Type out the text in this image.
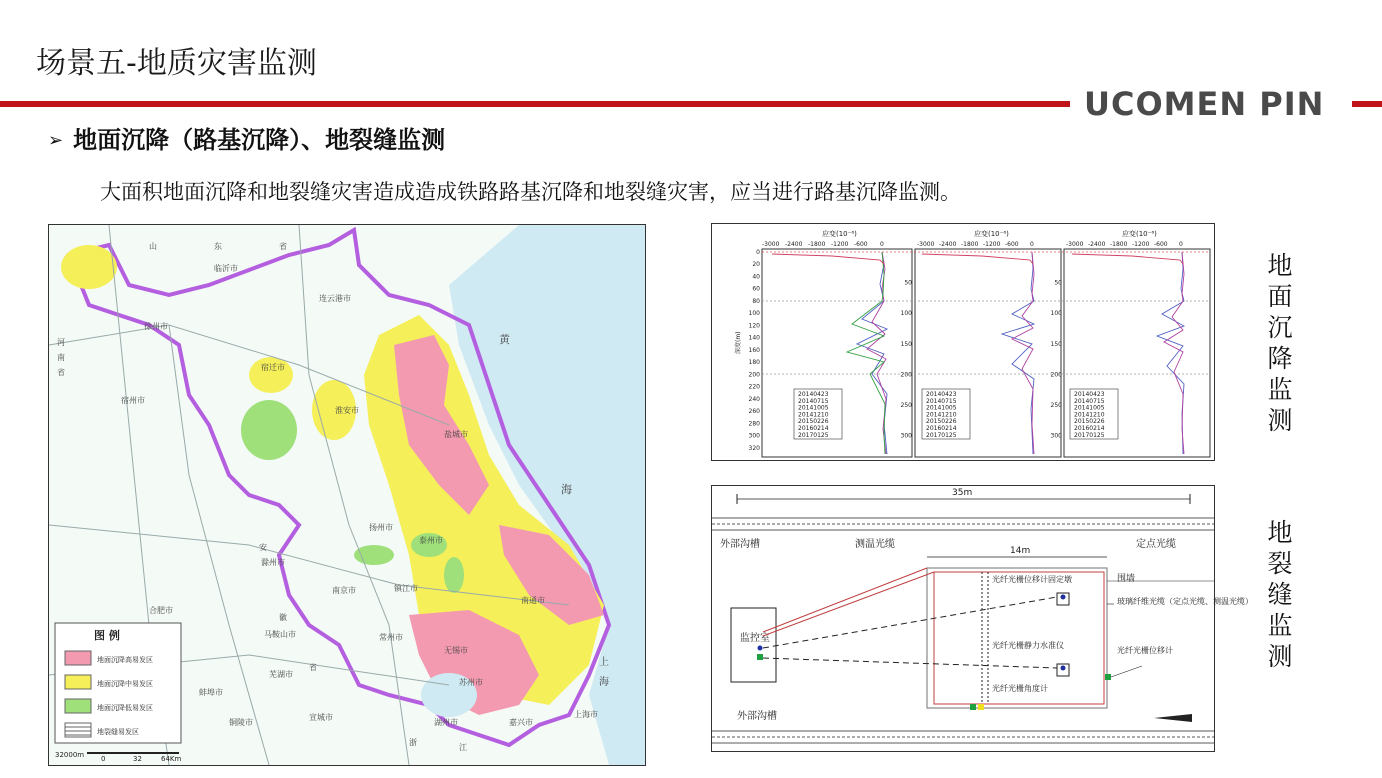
场景五-地质灾害监测
UCOMEN PIN
➢ 地面沉降（路基沉降）、地裂缝监测
大面积地面沉降和地裂缝灾害造成造成铁路路基沉降和地裂缝灾害，应当进行路基沉降监测。
山	东	省
河
南
省
安
徽
省
黄
海
上
海
浙
江
徐州市
宿迁市
淮安市
连云港市
盐城市
扬州市
泰州市
南通市
南京市	镇江市
常州市
无锡市
苏州市
合肥市
滁州市
马鞍山市
芜湖市
宣城市
湖州市	嘉兴市
临沂市
宿州市
蚌埠市
铜陵市
上海市
图 例
地面沉降高易发区
地面沉降中易发区
地面沉降低易发区
地裂缝易发区
32000m 0	32	64Km
应变(10⁻⁶)	应变(10⁻⁶)	应变(10⁻⁶)
-3000 -2400 -1800 -1200 -600 0	-3000 -2400 -1800 -1200 -600 0	-3000 -2400 -1800 -1200 -600 0
深度(m)
0
20
40
60
80
100
120
140
160
180
200
220
240
260
280
300
320
50
100
150
200
250
300
50
100
150
200
250
300
20140423
20140715
20141005
20141210
20150226
20160214
20170125
20140423
20140715
20141005
20141210
20150226
20160214
20170125
20140423
20140715
20141005
20141210
20150226
20160214
20170125
35m
外部沟槽	测温光缆	定点光缆
14m
光纤光栅位移计固定墩
光纤光栅静力水准仪
光纤光栅角度计
围墙
玻璃纤维光缆（定点光缆、测温光缆）
光纤光栅位移计
监控室
外部沟槽
地
面
沉
降
监
测
地
裂
缝
监
测
